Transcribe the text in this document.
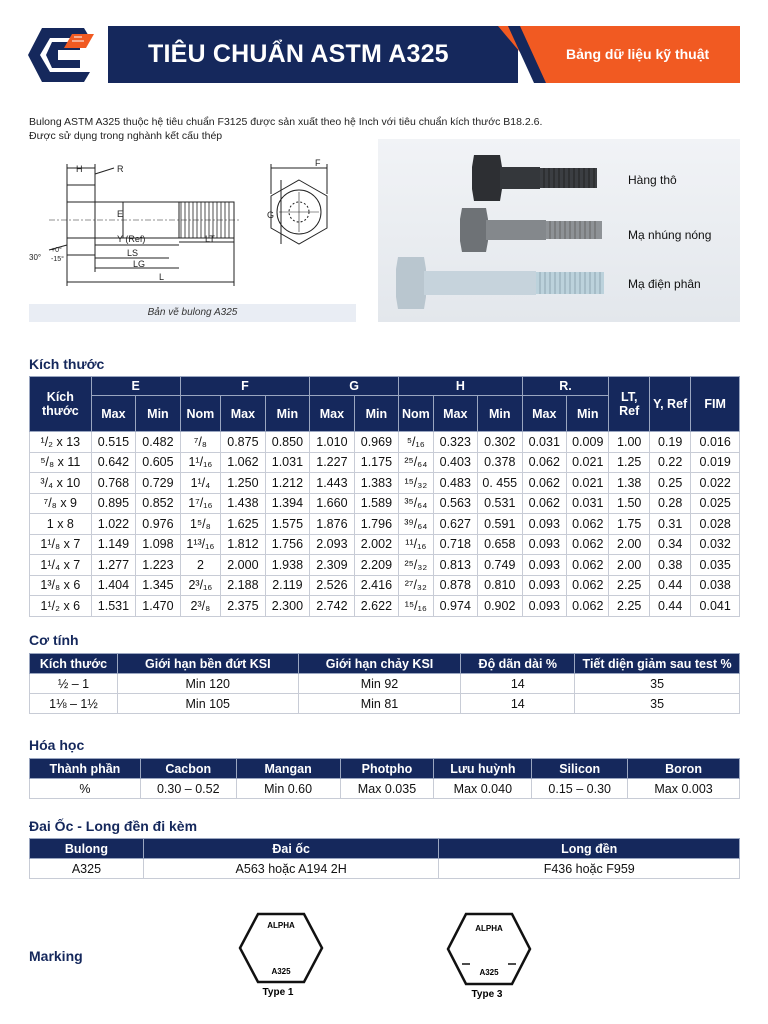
TIÊU CHUẨN ASTM A325	Bảng dữ liệu kỹ thuật
Bulong ASTM A325 thuộc hệ tiêu chuẩn F3125 được sản xuất theo hệ Inch với tiêu chuẩn kích thước B18.2.6.
Được sử dụng trong nghành kết cấu thép
H	R
E
Y (Ref)	LT
LS
LG
L
30°
+0°
-15°
F
G
Bản vẽ bulong A325
Hàng thô
Mạ nhúng nóng
Mạ điện phân
Kích thước
Kích thước	E		F			G		H			R.		LT, Ref	Y, Ref	FIM
	Max	Min	Nom	Max	Min	Max	Min	Nom	Max	Min	Max	Min			
¹/₂ x 13	0.515	0.482	⁷/₈	0.875	0.850	1.010	0.969	⁵/₁₆	0.323	0.302	0.031	0.009	1.00	0.19	0.016
⁵/₈ x 11	0.642	0.605	1¹/₁₆	1.062	1.031	1.227	1.175	²⁵/₆₄	0.403	0.378	0.062	0.021	1.25	0.22	0.019
³/₄ x 10	0.768	0.729	1¹/₄	1.250	1.212	1.443	1.383	¹⁵/₃₂	0.483	0. 455	0.062	0.021	1.38	0.25	0.022
⁷/₈ x 9	0.895	0.852	1⁷/₁₆	1.438	1.394	1.660	1.589	³⁵/₆₄	0.563	0.531	0.062	0.031	1.50	0.28	0.025
1 x 8	1.022	0.976	1⁵/₈	1.625	1.575	1.876	1.796	³⁹/₆₄	0.627	0.591	0.093	0.062	1.75	0.31	0.028
1¹/₈ x 7	1.149	1.098	1¹³/₁₆	1.812	1.756	2.093	2.002	¹¹/₁₆	0.718	0.658	0.093	0.062	2.00	0.34	0.032
1¹/₄ x 7	1.277	1.223	2	2.000	1.938	2.309	2.209	²⁵/₃₂	0.813	0.749	0.093	0.062	2.00	0.38	0.035
1³/₈ x 6	1.404	1.345	2³/₁₆	2.188	2.119	2.526	2.416	²⁷/₃₂	0.878	0.810	0.093	0.062	2.25	0.44	0.038
1¹/₂ x 6	1.531	1.470	2³/₈	2.375	2.300	2.742	2.622	¹⁵/₁₆	0.974	0.902	0.093	0.062	2.25	0.44	0.041
Cơ tính
Kích thước	Giới hạn bền đứt KSI	Giới hạn chảy KSI	Độ dãn dài %	Tiết diện giảm sau test %
½ – 1	Min 120	Min 92	14	35
1⅛ – 1½	Min 105	Min 81	14	35
Hóa học
Thành phần	Cacbon	Mangan	Photpho	Lưu huỳnh	Silicon	Boron
%	0.30 – 0.52	Min 0.60	Max 0.035	Max 0.040	0.15 – 0.30	Max 0.003
Đai Ốc - Long đền đi kèm
Bulong	Đai ốc	Long đền
A325	A563 hoặc A194 2H	F436 hoặc F959
Marking
ALPHA
A325
Type 1
ALPHA
A325
Type 3
